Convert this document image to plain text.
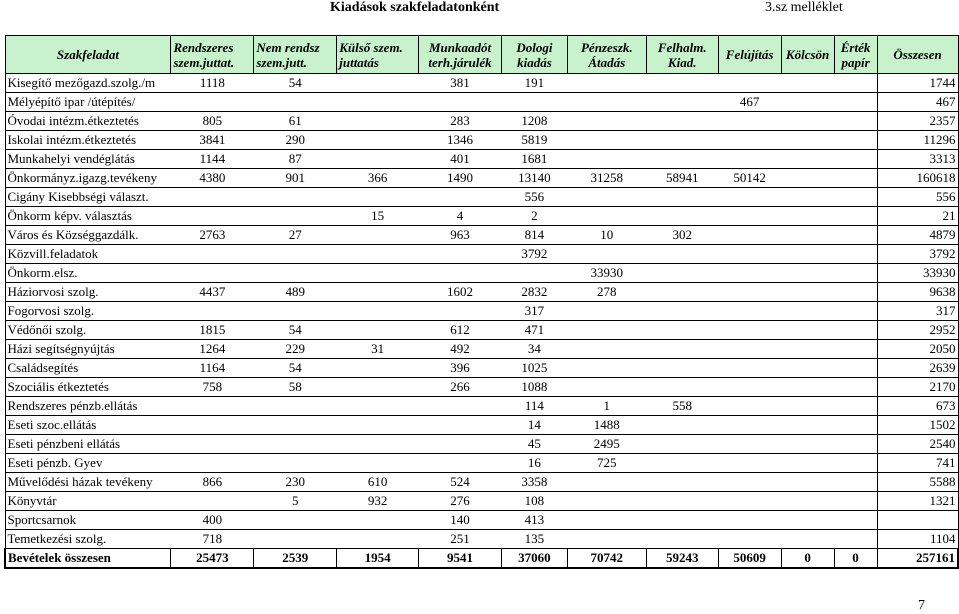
Kiadások szakfeladatonként	3.sz melléklet
Szakfeladat	Rendszeres szem.juttat.	Nem rendsz szem.jutt.	Külső szem. juttatás	Munkaadót terh.járulék	Dologi kiadás	Pénzeszk. Átadás	Felhalm. Kiad.	Felújítás	Kölcsön	Érték papír	Összesen
Kisegítő mezőgazd.szolg./m	1118	54		381	191						1744
Mélyépítő ipar /útépítés/								467			467
Óvodai intézm.étkeztetés	805	61		283	1208						2357
Iskolai intézm.étkeztetés	3841	290		1346	5819						11296
Munkahelyi vendéglátás	1144	87		401	1681						3313
Önkormányz.igazg.tevékeny	4380	901	366	1490	13140	31258	58941	50142			160618
Cigány Kisebbségi választ.					556						556
Önkorm képv. választás			15	4	2						21
Város és Községgazdálk.	2763	27		963	814	10	302				4879
Közvill.feladatok					3792						3792
Önkorm.elsz.						33930					33930
Háziorvosi szolg.	4437	489		1602	2832	278					9638
Fogorvosi szolg.					317						317
Védőnői szolg.	1815	54		612	471						2952
Házi segítségnyújtás	1264	229	31	492	34						2050
Családsegítés	1164	54		396	1025						2639
Szociális étkeztetés	758	58		266	1088						2170
Rendszeres pénzb.ellátás					114	1	558				673
Eseti szoc.ellátás					14	1488					1502
Eseti pénzbeni ellátás					45	2495					2540
Eseti pénzb. Gyev					16	725					741
Művelődési házak tevékeny	866	230	610	524	3358						5588
Könyvtár		5	932	276	108						1321
Sportcsarnok	400			140	413						
Temetkezési szolg.	718			251	135						1104
Bevételek összesen	25473	2539	1954	9541	37060	70742	59243	50609	0	0	257161
7
